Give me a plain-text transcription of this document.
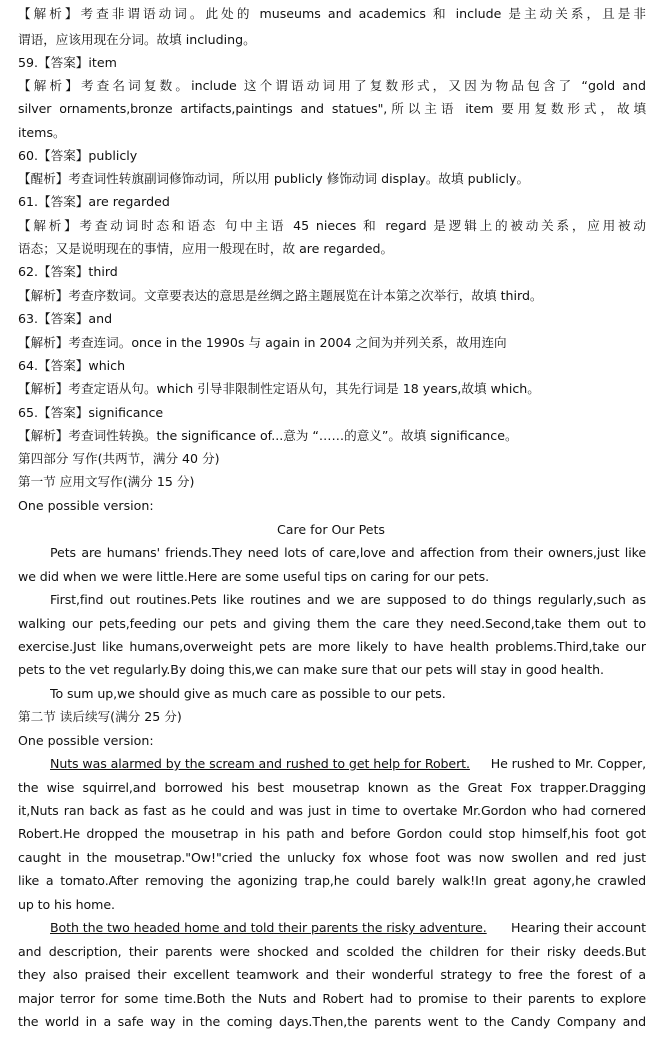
【解析】考查非谓语动词。此处的 museums and academics 和 include 是主动关系，且是非
谓语，应该用现在分词。故填 including。
59.【答案】item
【解析】考查名词复数。include 这个谓语动词用了复数形式，又因为物品包含了 “gold and
silver ornaments,bronze artifacts,paintings and statues",所以主语 item 要用复数形式，故填
items。
60.【答案】publicly
【醒析】考查词性转旗副词修饰动词，所以用 publicly 修饰动词 display。故填 publicly。
61.【答案】are regarded
【解析】考查动词时态和语态 句中主语 45 nieces 和 regard 是逻辑上的被动关系，应用被动
语态；又是说明现在的事情，应用一般现在时，故 are regarded。
62.【答案】third
【解析】考查序数词。文章要表达的意思是丝绸之路主题展览在计本第之次举行，故填 third。
63.【答案】and
【解析】考查连词。once in the 1990s 与 again in 2004 之间为并列关系，故用连向
64.【答案】which
【解析】考查定语从句。which 引导非限制性定语从句，其先行词是 18 years,故填 which。
65.【答案】significance
【解析】考查词性转换。the significance of...意为 “……的意义”。故填 significance。
第四部分 写作(共两节，满分 40 分)
第一节 应用文写作(满分 15 分)
One possible version:
Care for Our Pets
Pets are humans' friends.They need lots of care,love and affection from their owners,just like
we did when we were little.Here are some useful tips on caring for our pets.
First,find out routines.Pets like routines and we are supposed to do things regularly,such as
walking our pets,feeding our pets and giving them the care they need.Second,take them out to
exercise.Just like humans,overweight pets are more likely to have health problems.Third,take our
pets to the vet regularly.By doing this,we can make sure that our pets will stay in good health.
To sum up,we should give as much care as possible to our pets.
第二节 读后续写(满分 25 分)
One possible version:
Nuts was alarmed by the scream and rushed to get help for Robert. He rushed to Mr. Copper,
the wise squirrel,and borrowed his best mousetrap known as the Great Fox trapper.Dragging
it,Nuts ran back as fast as he could and was just in time to overtake Mr.Gordon who had cornered
Robert.He dropped the mousetrap in his path and before Gordon could stop himself,his foot got
caught in the mousetrap."Ow!"cried the unlucky fox whose foot was now swollen and red just
like a tomato.After removing the agonizing trap,he could barely walk!In great agony,he crawled
up to his home.
Both the two headed home and told their parents the risky adventure. Hearing their account
and description, their parents were shocked and scolded the children for their risky deeds.But
they also praised their excellent teamwork and their wonderful strategy to free the forest of a
major terror for some time.Both the Nuts and Robert had to promise to their parents to explore
the world in a safe way in the coming days.Then,the parents went to the Candy Company and
